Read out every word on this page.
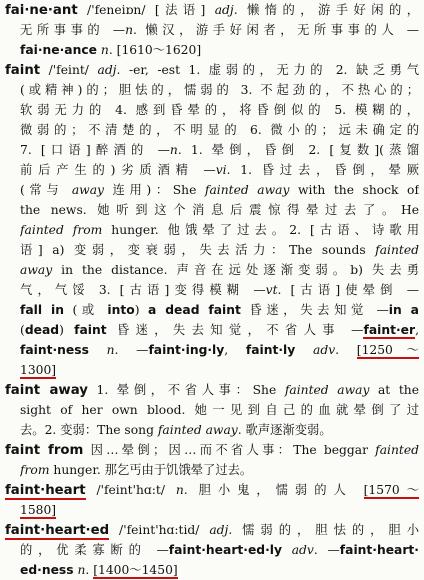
fai·ne·ant /'feneiɒn/ [法语] adj. 懒惰的，游手好闲的，
无所事事的 —n. 懒汉，游手好闲者，无所事事的人 —
fai·ne·ance n. [1610～1620]
faint /'feint/ adj. -er, -est 1. 虚弱的，无力的 2. 缺乏勇气
(或精神)的；胆怯的，懦弱的 3. 不起劲的，不热心的；
软弱无力的 4. 感到昏晕的，将昏倒似的 5. 模糊的，
微弱的；不清楚的，不明显的 6. 微小的；远未确定的
7. [口语]醉酒的 —n. 1. 晕倒，昏倒 2. [复数](蒸馏
前后产生的)劣质酒精 —vi. 1. 昏过去，昏倒，晕厥
(常与 away 连用)：She fainted away with the shock of
the news. 她听到这个消息后震惊得晕过去了。He
fainted from hunger. 他饿晕了过去。2. [古语、诗歌用
语] a) 变弱，变衰弱，失去活力：The sounds fainted
away in the distance. 声音在远处逐渐变弱。b) 失去勇
气，气馁 3. [古语]变得模糊 —vt. [古语]使晕倒 —
fall in (或 into) a dead faint 昏迷，失去知觉 —in a
(dead) faint 昏迷，失去知觉，不省人事 —faint·er,
faint·ness n. —faint·ing·ly, faint·ly adv. [1250～
1300]
faint away 1. 晕倒，不省人事：She fainted away at the
sight of her own blood. 她一见到自己的血就晕倒了过
去。2. 变弱：The song fainted away. 歌声逐渐变弱。
faint from 因…晕倒；因…而不省人事：The beggar fainted
from hunger. 那乞丐由于饥饿晕了过去。
faint·heart /'feint'hɑ:t/ n. 胆小鬼，懦弱的人 [1570～
1580]
faint·heart·ed /'feint'hɑ:tid/ adj. 懦弱的，胆怯的，胆小
的，优柔寡断的 —faint·heart·ed·ly adv. —faint·heart·
ed·ness n. [1400～1450]
